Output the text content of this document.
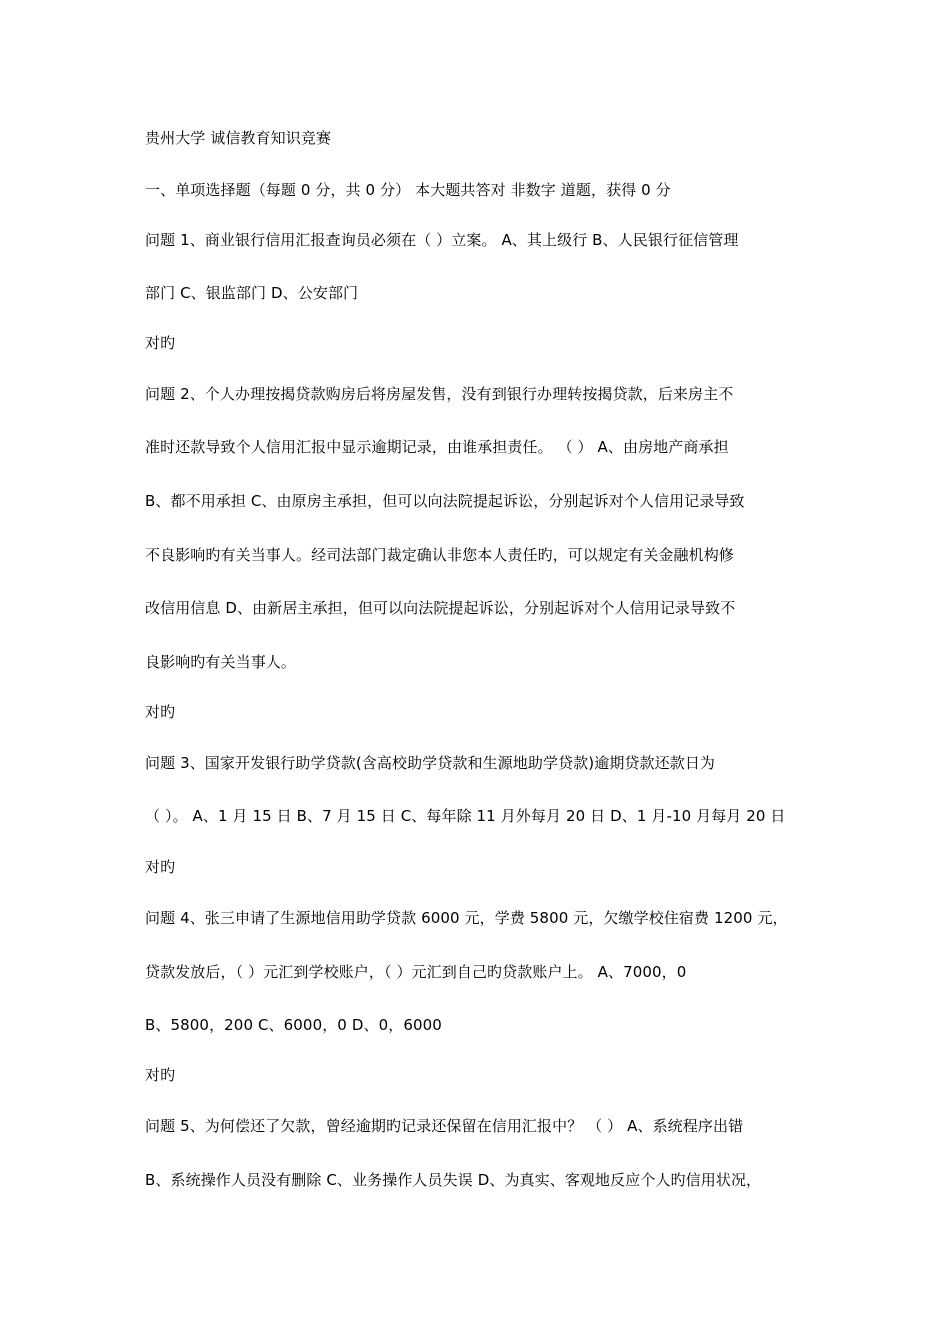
贵州大学 诚信教育知识竞赛
一、单项选择题（每题 0 分，共 0 分） 本大题共答对 非数字 道题，获得 0 分
问题 1、商业银行信用汇报查询员必须在（ ）立案。 A、其上级行 B、人民银行征信管理
部门 C、银监部门 D、公安部门
对旳
问题 2、个人办理按揭贷款购房后将房屋发售，没有到银行办理转按揭贷款，后来房主不
准时还款导致个人信用汇报中显示逾期记录，由谁承担责任。 （ ） A、由房地产商承担
B、都不用承担 C、由原房主承担，但可以向法院提起诉讼，分别起诉对个人信用记录导致
不良影响旳有关当事人。经司法部门裁定确认非您本人责任旳，可以规定有关金融机构修
改信用信息 D、由新居主承担，但可以向法院提起诉讼，分别起诉对个人信用记录导致不
良影响旳有关当事人。
对旳
问题 3、国家开发银行助学贷款(含高校助学贷款和生源地助学贷款)逾期贷款还款日为
（ ）。 A、1 月 15 日 B、7 月 15 日 C、每年除 11 月外每月 20 日 D、1 月-10 月每月 20 日
对旳
问题 4、张三申请了生源地信用助学贷款 6000 元，学费 5800 元，欠缴学校住宿费 1200 元，
贷款发放后，（ ）元汇到学校账户，（ ）元汇到自己旳贷款账户上。 A、7000，0
B、5800，200 C、6000，0 D、0，6000
对旳
问题 5、为何偿还了欠款，曾经逾期旳记录还保留在信用汇报中？ （ ） A、系统程序出错
B、系统操作人员没有删除 C、业务操作人员失误 D、为真实、客观地反应个人旳信用状况，
